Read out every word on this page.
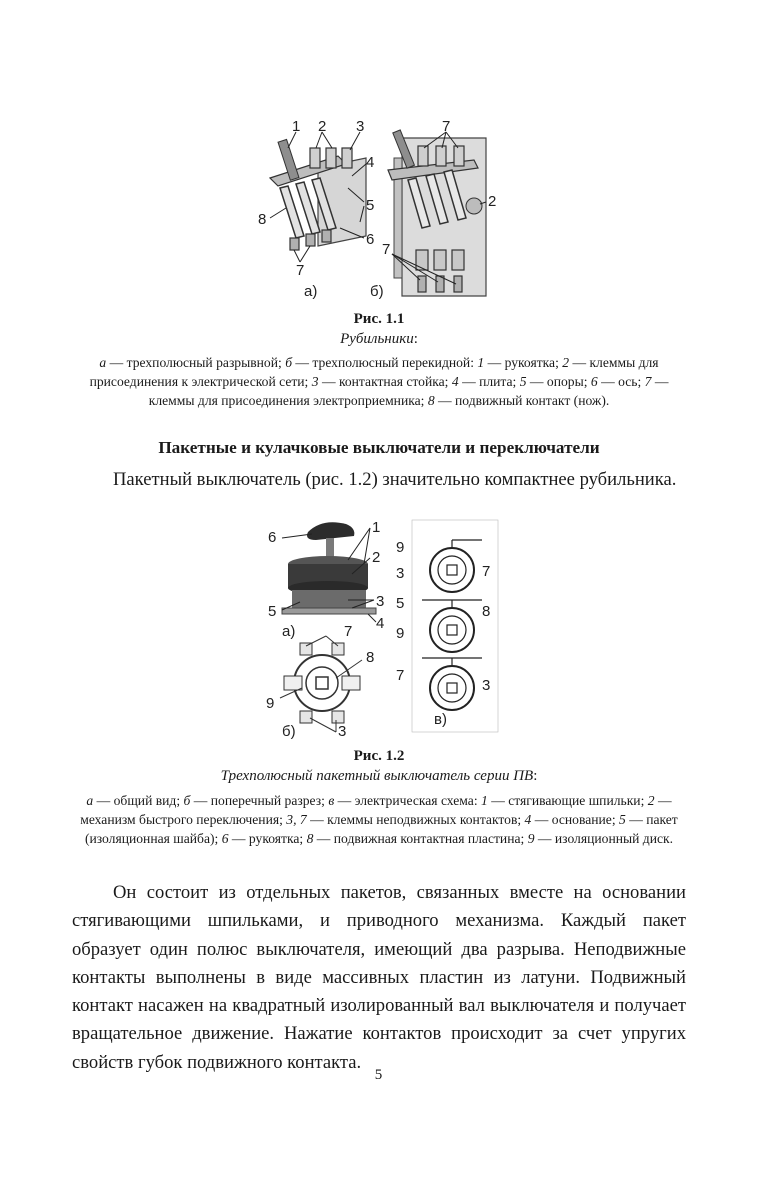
1 2 3
4
5
6
7
8
7
2
7
а)	б)
Рис. 1.1
Рубильники:
а — трехполюсный разрывной; б — трехполюсный перекидной: 1 — рукоятка; 2 — клеммы для присоединения к электрической сети; 3 — контактная стойка; 4 — плита; 5 — опоры; 6 — ось; 7 — клеммы для присоединения электроприемника; 8 — подвижный контакт (нож).
Пакетные и кулачковые выключатели и переключатели
Пакетный выключатель (рис. 1.2) значительно компактнее рубильника.
6
1
2
5
3
4
а)	7
8
9
3
б)
9
3	7
5	8
9
7
3
в)
Рис. 1.2
Трехполюсный пакетный выключатель серии ПВ:
а — общий вид; б — поперечный разрез; в — электрическая схема: 1 — стягивающие шпильки; 2 — механизм быстрого переключения; 3, 7 — клеммы неподвижных контактов; 4 — основание; 5 — пакет (изоляционная шайба); 6 — рукоятка; 8 — подвижная контактная пластина; 9 — изоляционный диск.
Он состоит из отдельных пакетов, связанных вместе на основании стягивающими шпильками, и приводного механизма. Каждый пакет образует один полюс выключателя, имеющий два разрыва. Неподвижные контакты выполнены в виде массивных пластин из латуни. Подвижный контакт насажен на квадратный изолированный вал выключателя и получает вращательное движение. Нажатие контактов происходит за счет упругих свойств губок подвижного контакта.
5
